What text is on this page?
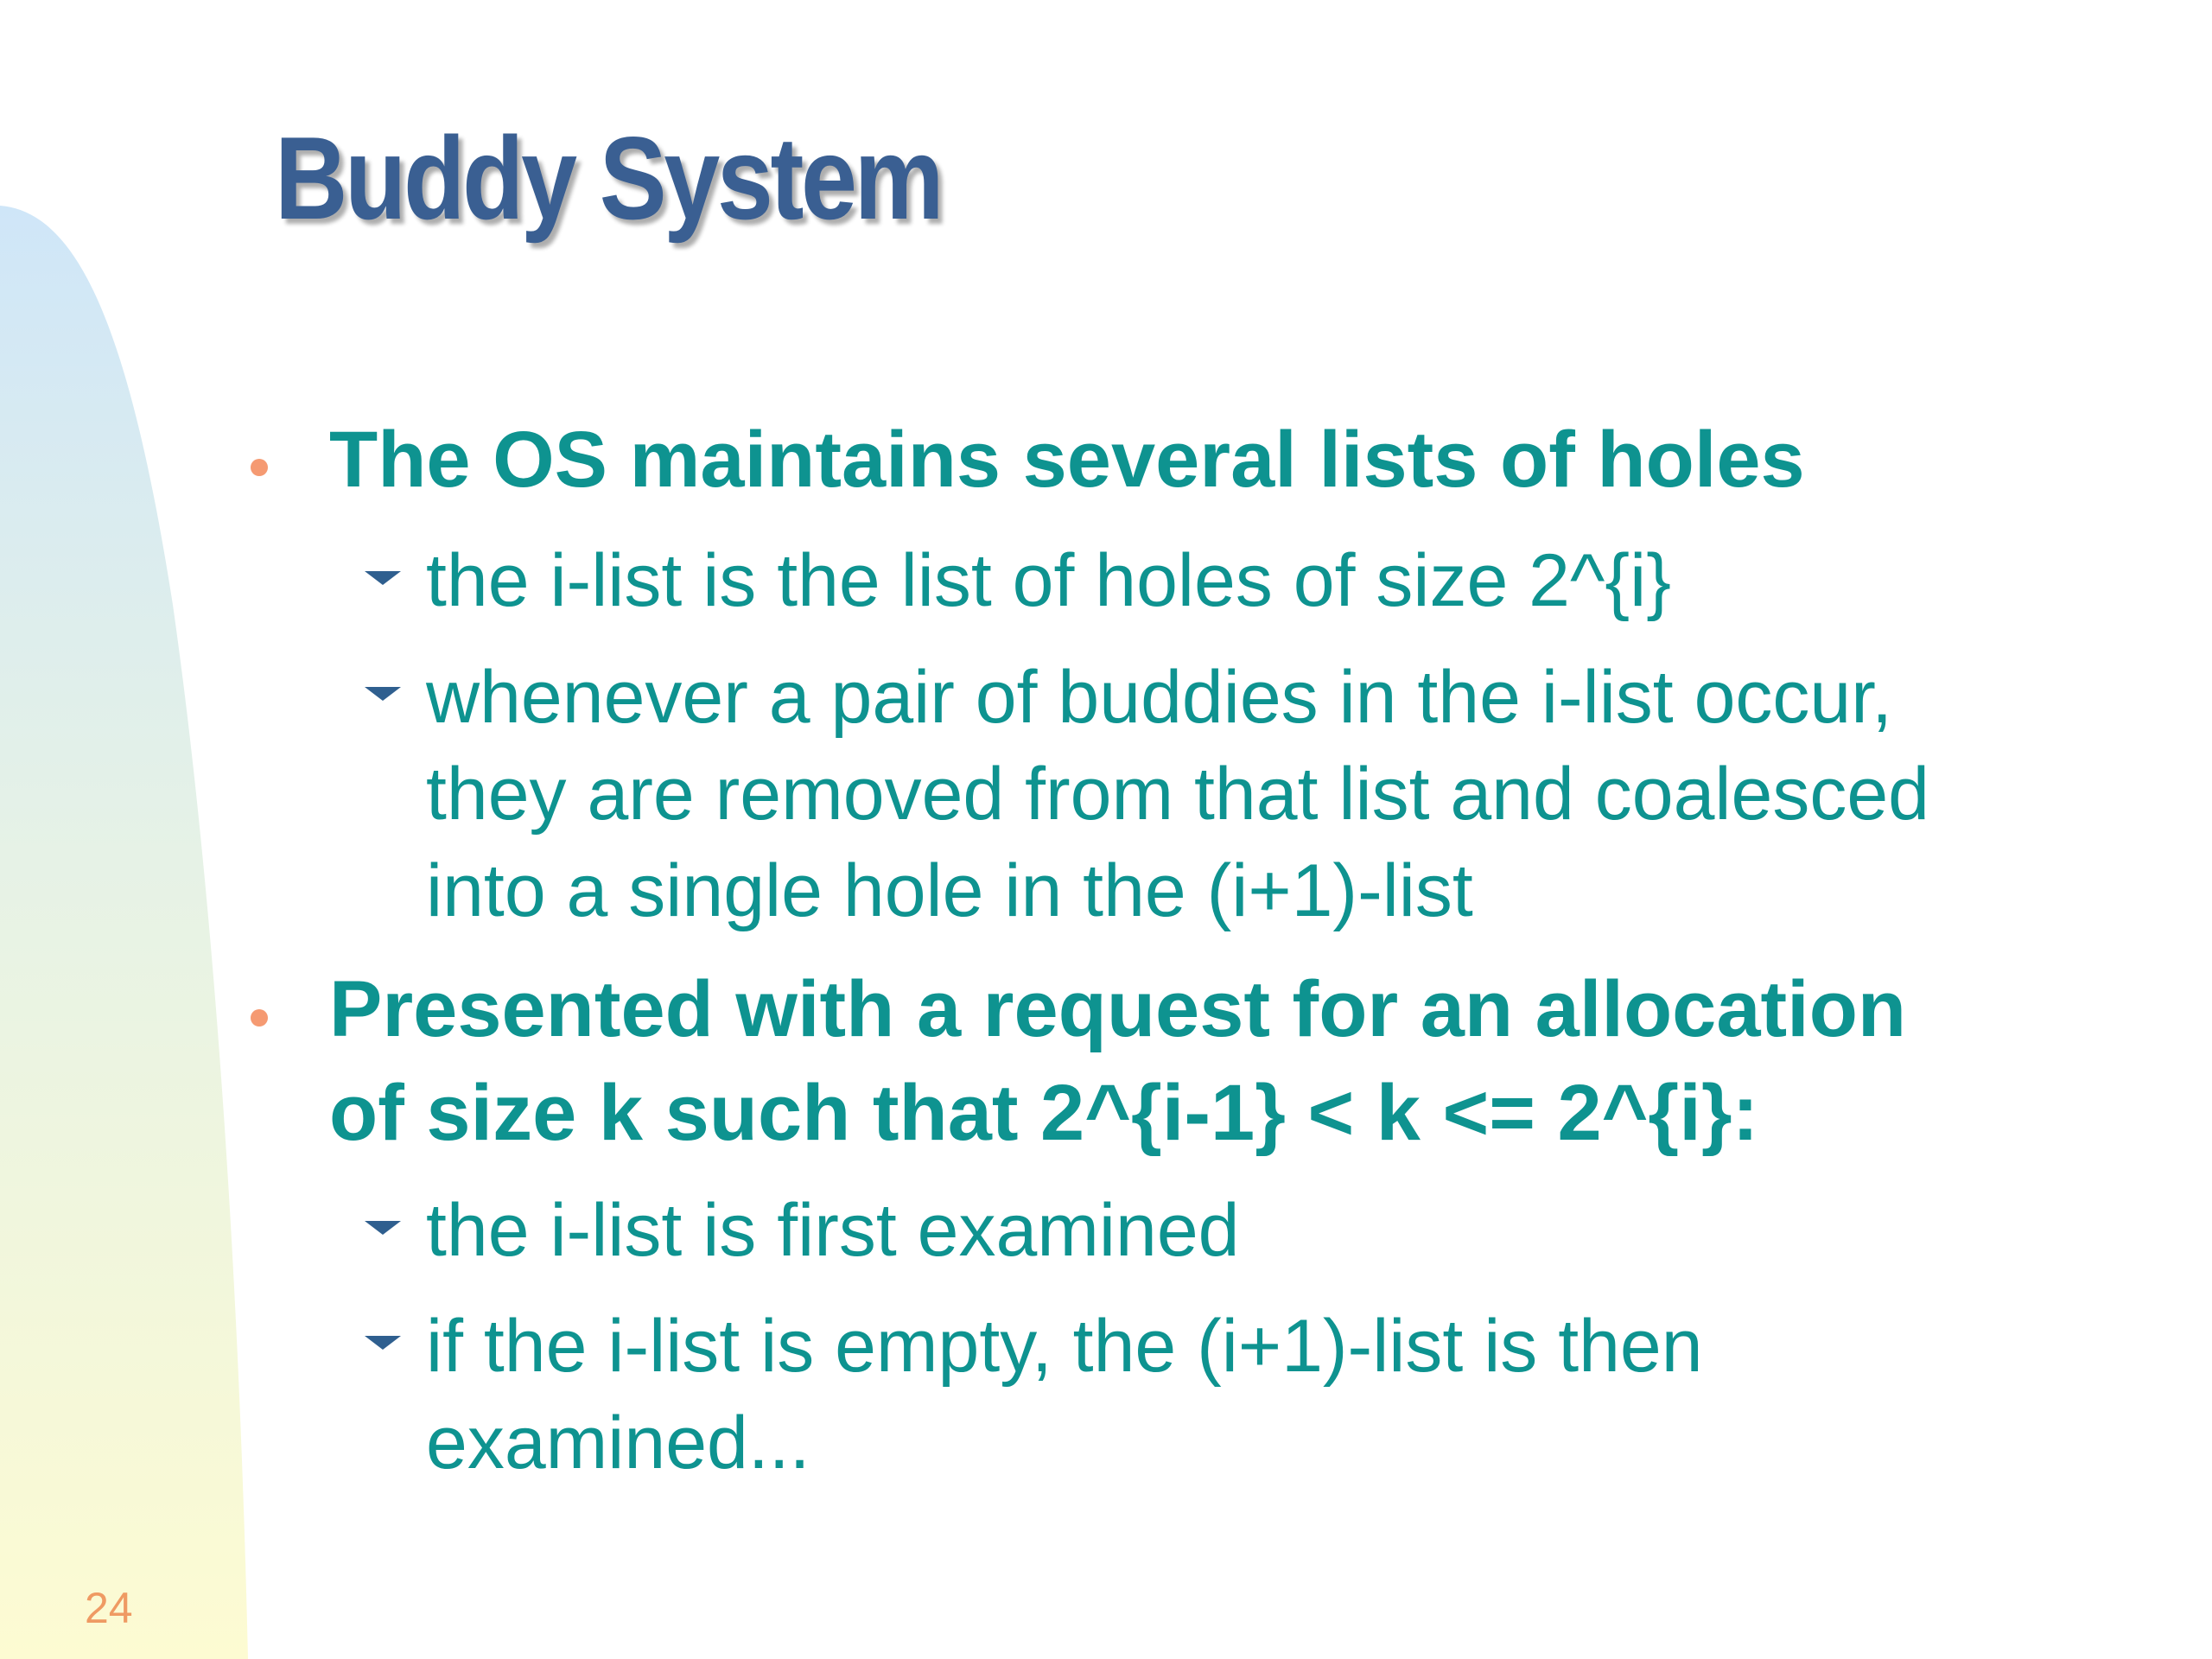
Buddy System
The OS maintains several lists of holes
the i-list is the list of holes of size 2^{i}
whenever a pair of buddies in the i-list occur,
they are removed from that list and coalesced
into a single hole in the (i+1)-list
Presented with a request for an allocation
of size k such that 2^{i-1} < k <= 2^{i}:
the i-list is first examined
if the i-list is empty, the (i+1)-list is then
examined...
24
